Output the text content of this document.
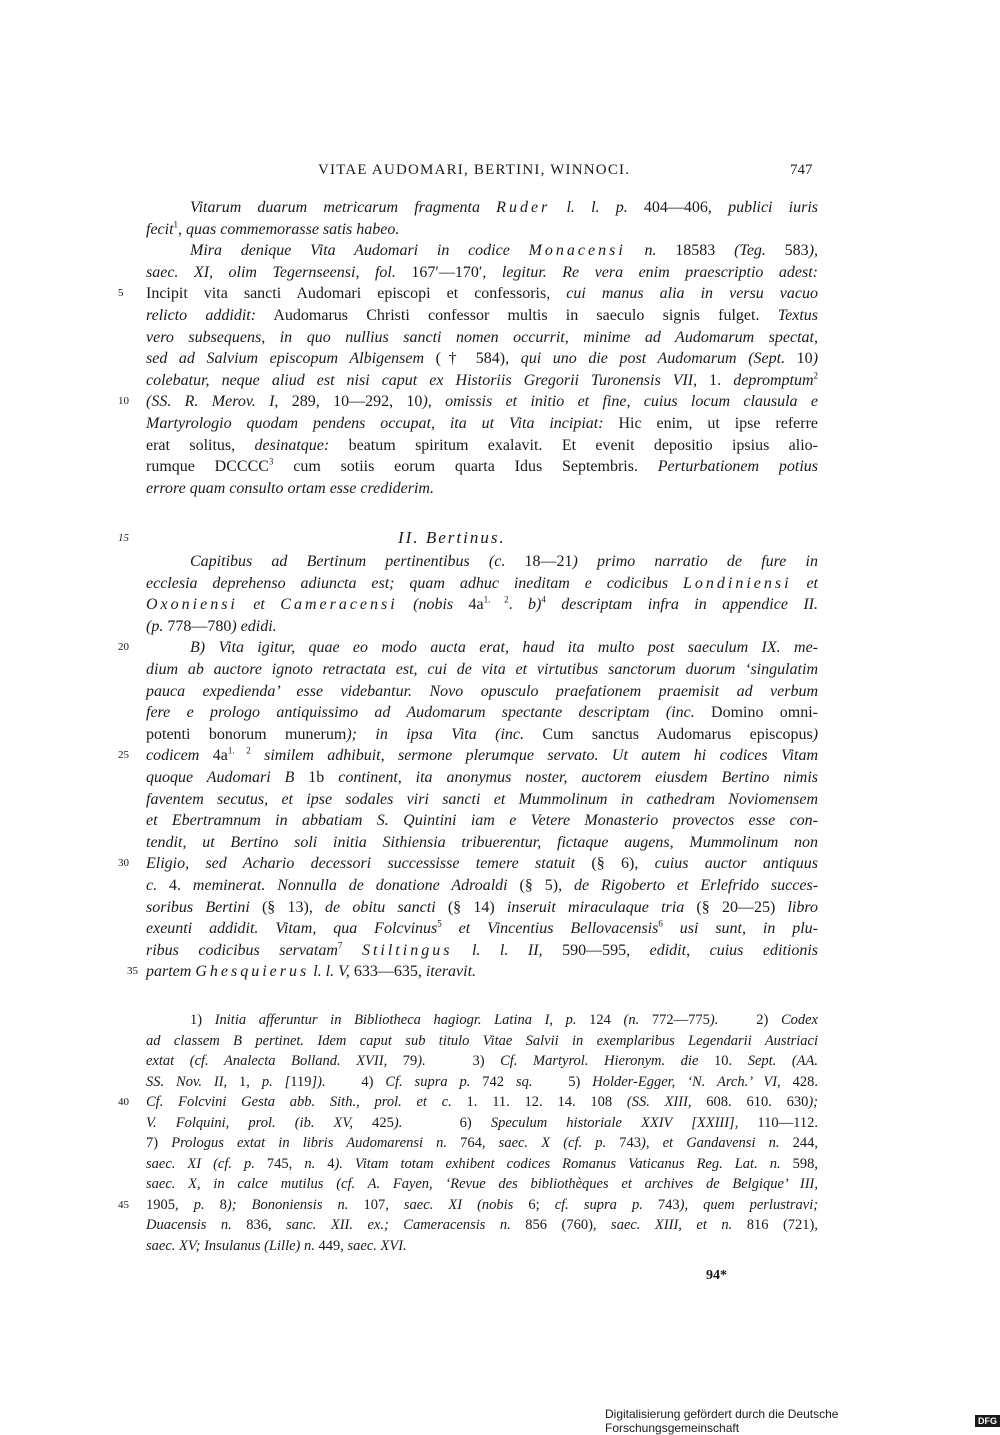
VITAE AUDOMARI, BERTINI, WINNOCI.	747
Vitarum duarum metricarum fragmenta Ruder l. l. p. 404—406, publici iuris
fecit$^1$, quas commemorasse satis habeo.
Mira denique Vita Audomari in codice Monacensi n. 18583 (Teg. 583),
saec. XI, olim Tegernseensi, fol. 167′—170′, legitur. Re vera enim praescriptio adest:
Incipit vita sancti Audomari episcopi et confessoris, cui manus alia in versu vacuo
5
relicto addidit: Audomarus Christi confessor multis in saeculo signis fulget. Textus
vero subsequens, in quo nullius sancti nomen occurrit, minime ad Audomarum spectat,
sed ad Salvium episcopum Albigensem († 584), qui uno die post Audomarum (Sept. 10)
colebatur, neque aliud est nisi caput ex Historiis Gregorii Turonensis VII, 1. depromptum$^2$
(SS. R. Merov. I, 289, 10—292, 10), omissis et initio et fine, cuius locum clausula e
10
Martyrologio quodam pendens occupat, ita ut Vita incipiat: Hic enim, ut ipse referre
erat solitus, desinatque: beatum spiritum exalavit. Et evenit depositio ipsius alio-
rumque DCCCC$^3$ cum sotiis eorum quarta Idus Septembris. Perturbationem potius
errore quam consulto ortam esse crediderim.
15	II. Bertinus.
Capitibus ad Bertinum pertinentibus (c. 18—21) primo narratio de fure in
ecclesia deprehenso adiuncta est; quam adhuc ineditam e codicibus Londiniensi et
Oxoniensi et Cameracensi (nobis $4a^{1. 2}$. b)$^4$ descriptam infra in appendice II.
(p. 778—780) edidi.
B) Vita igitur, quae eo modo aucta erat, haud ita multo post saeculum IX. me-
20
dium ab auctore ignoto retractata est, cui de vita et virtutibus sanctorum duorum ‘singulatim
pauca expedienda’ esse videbantur. Novo opusculo praefationem praemisit ad verbum
fere e prologo antiquissimo ad Audomarum spectante descriptam (inc. Domino omni-
potenti bonorum munerum); in ipsa Vita (inc. Cum sanctus Audomarus episcopus)
codicem $4a^{1. 2}$ similem adhibuit, sermone plerumque servato. Ut autem hi codices Vitam
25
quoque Audomari B 1b continent, ita anonymus noster, auctorem eiusdem Bertino nimis
faventem secutus, et ipse sodales viri sancti et Mummolinum in cathedram Noviomensem
et Ebertramnum in abbatiam S. Quintini iam e Vetere Monasterio provectos esse con-
tendit, ut Bertino soli initia Sithiensia tribuerentur, fictaque augens, Mummolinum non
Eligio, sed Achario decessori successisse temere statuit (§ 6), cuius auctor antiquus
30
c. 4. meminerat. Nonnulla de donatione Adroaldi (§ 5), de Rigoberto et Erlefrido succes-
soribus Bertini (§ 13), de obitu sancti (§ 14) inseruit miraculaque tria (§ 20—25) libro
exeunti addidit. Vitam, qua Folcvinus$^5$ et Vincentius Bellovacensis$^6$ usi sunt, in plu-
ribus codicibus servatam$^7$ Stiltingus l. l. II, 590—595, edidit, cuius editionis
partem Ghesquierus l. l. V, 633—635, iteravit.
35
1) Initia afferuntur in Bibliotheca hagiogr. Latina I, p. 124 (n. 772—775).   2) Codex
ad classem B pertinet. Idem caput sub titulo Vitae Salvii in exemplaribus Legendarii Austriaci
extat (cf. Analecta Bolland. XVII, 79).   3) Cf. Martyrol. Hieronym. die 10. Sept. (AA.
SS. Nov. II, 1, p. [119]).   4) Cf. supra p. 742 sq.   5) Holder-Egger, ‘N. Arch.’ VI, 428.
Cf. Folcvini Gesta abb. Sith., prol. et c. 1. 11. 12. 14. 108 (SS. XIII, 608. 610. 630);
40
V. Folquini, prol. (ib. XV, 425).   6) Speculum historiale XXIV [XXIII], 110—112.
7) Prologus extat in libris Audomarensi n. 764, saec. X (cf. p. 743), et Gandavensi n. 244,
saec. XI (cf. p. 745, n. 4). Vitam totam exhibent codices Romanus Vaticanus Reg. Lat. n. 598,
saec. X, in calce mutilus (cf. A. Fayen, ‘Revue des bibliothèques et archives de Belgique’ III,
1905, p. 8); Bononiensis n. 107, saec. XI (nobis 6; cf. supra p. 743), quem perlustravi;
45
Duacensis n. 836, sanc. XII. ex.; Cameracensis n. 856 (760), saec. XIII, et n. 816 (721),
saec. XV; Insulanus (Lille) n. 449, saec. XVI.
94*
Digitalisierung gefördert durch die Deutsche Forschungsgemeinschaft	DFG
